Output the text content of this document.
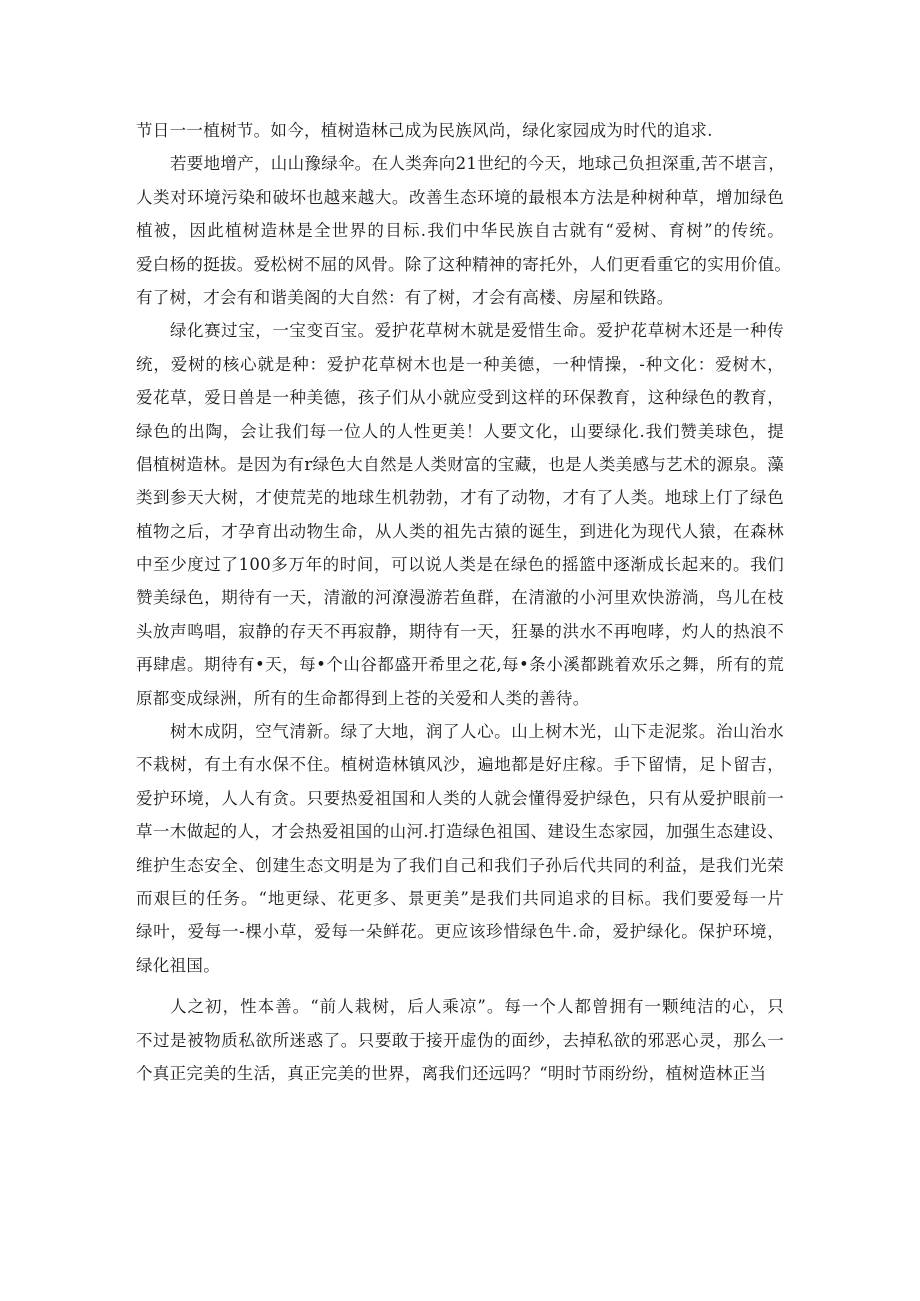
节日一一植树节。如今，植树造林己成为民族风尚，绿化家园成为时代的追求.
若要地增产，山山豫绿伞。在人类奔向21世纪的今天，地球己负担深重,苦不堪言，
人类对环境污染和破坏也越来越大。改善生态环境的最根本方法是种树种草，增加绿色
植被，因此植树造林是全世界的目标.我们中华民族自古就有“爱树、育树”的传统。
爱白杨的挺拔。爱松树不屈的风骨。除了这种精神的寄托外，人们更看重它的实用价值。
有了树，才会有和谐美阁的大自然：有了树，才会有高楼、房屋和铁路。
绿化赛过宝，一宝变百宝。爱护花草树木就是爱惜生命。爱护花草树木还是一种传
统，爱树的核心就是种：爱护花草树木也是一种美德，一种情操，-种文化：爱树木，
爱花草，爱日兽是一种美德，孩子们从小就应受到这样的环保教育，这种绿色的教育，
绿色的出陶，会让我们每一位人的人性更美！人要文化，山要绿化.我们赞美球色，提
倡植树造林。是因为有r绿色大自然是人类财富的宝藏，也是人类美感与艺术的源泉。藻
类到参天大树，才使荒芜的地球生机勃勃，才有了动物，才有了人类。地球上仃了绿色
植物之后，才孕育出动物生命，从人类的祖先古猿的诞生，到进化为现代人猿，在森林
中至少度过了100多万年的时间，可以说人类是在绿色的摇篮中逐渐成长起来的。我们
赞美绿色，期待有一天，清澈的河潦漫游若鱼群，在清澈的小河里欢快游淌，鸟儿在枝
头放声鸣唱，寂静的存天不再寂静，期待有一天，狂暴的洪水不再咆哮，灼人的热浪不
再肆虐。期待有•天，每•个山谷都盛开希里之花,每•条小溪都跳着欢乐之舞，所有的荒
原都变成绿洲，所有的生命都得到上苍的关爱和人类的善待。
树木成阴，空气清新。绿了大地，润了人心。山上树木光，山下走泥浆。治山治水
不栽树，有土有水保不住。植树造林镇风沙，遍地都是好庄稼。手下留情，足卜留吉，
爱护环境，人人有贪。只要热爱祖国和人类的人就会懂得爱护绿色，只有从爱护眼前一
草一木做起的人，才会热爱祖国的山河.打造绿色祖国、建设生态家园，加强生态建设、
维护生态安全、创建生态文明是为了我们自己和我们子孙后代共同的利益，是我们光荣
而艰巨的任务。“地更绿、花更多、景更美”是我们共同追求的目标。我们要爱每一片
绿叶，爱每一-棵小草，爱每一朵鲜花。更应该珍惜绿色牛.命，爱护绿化。保护环境，
绿化祖国。
人之初，性本善。“前人栽树，后人乘凉”。每一个人都曾拥有一颗纯洁的心，只
不过是被物质私欲所迷惑了。只要敢于接开虚伪的面纱，去掉私欲的邪恶心灵，那么一
个真正完美的生活，真正完美的世界，离我们还远吗？“明时节雨纷纷，植树造林正当
